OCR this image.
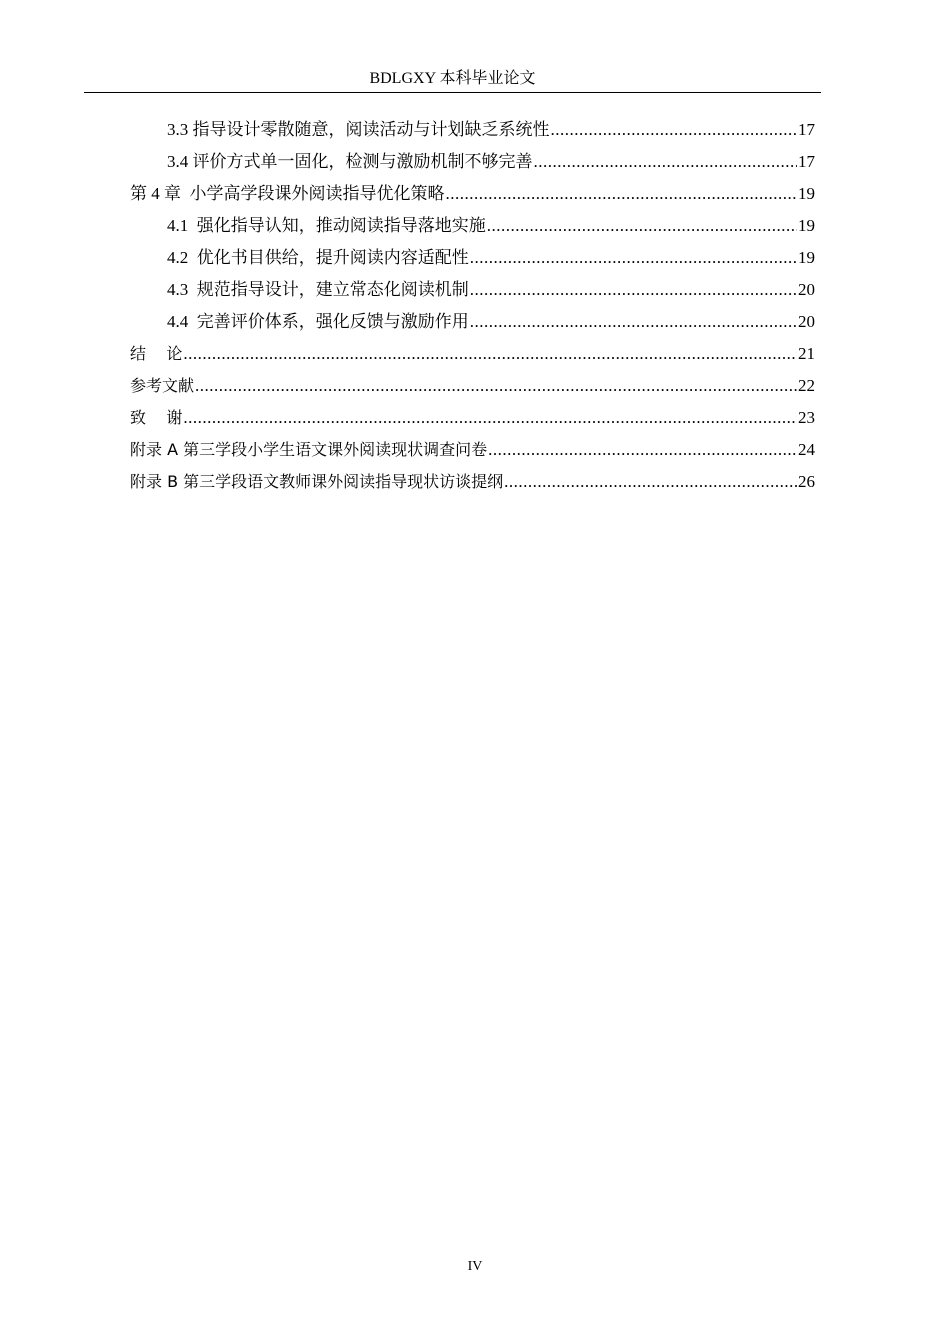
BDLGXY 本科毕业论文
3.3 指导设计零散随意，阅读活动与计划缺乏系统性 .....	17
3.4 评价方式单一固化，检测与激励机制不够完善 .....	17
第 4 章  小学高学段课外阅读指导优化策略 .....	19
4.1  强化指导认知，推动阅读指导落地实施 .....	19
4.2  优化书目供给，提升阅读内容适配性 .....	19
4.3  规范指导设计，建立常态化阅读机制 .....	20
4.4  完善评价体系，强化反馈与激励作用 .....	20
结    论 .....	21
参考文献 .....	22
致    谢 .....	23
附录 A 第三学段小学生语文课外阅读现状调查问卷 .....	24
附录 B 第三学段语文教师课外阅读指导现状访谈提纲 .....	26
IV
